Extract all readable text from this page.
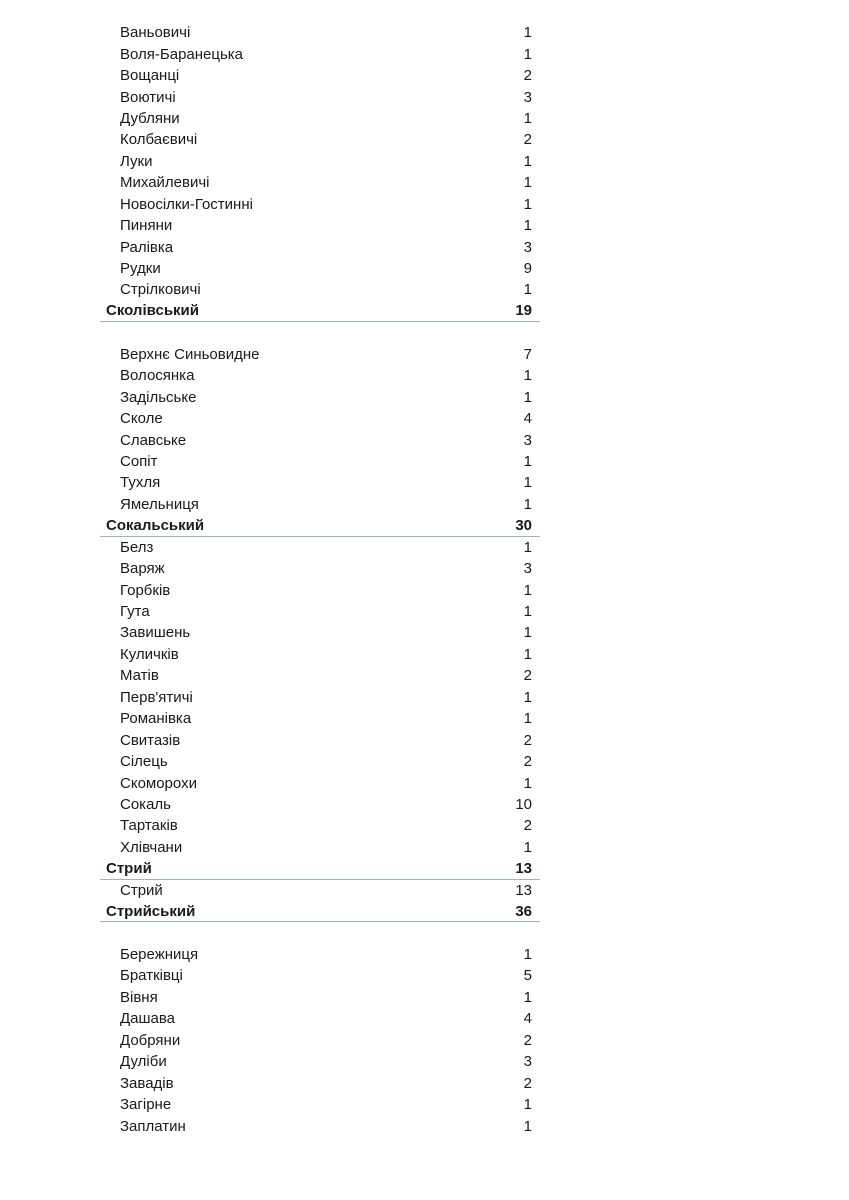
Ваньовичі	1
Воля-Баранецька	1
Вощанці	2
Воютичі	3
Дубляни	1
Колбаєвичі	2
Луки	1
Михайлевичі	1
Новосілки-Гостинні	1
Пиняни	1
Ралівка	3
Рудки	9
Стрілковичі	1
Сколівський	19
Верхнє Синьовидне	7
Волосянка	1
Задільське	1
Сколе	4
Славське	3
Сопіт	1
Тухля	1
Ямельниця	1
Сокальський	30
Белз	1
Варяж	3
Горбків	1
Гута	1
Завишень	1
Куличків	1
Матів	2
Перв'ятичі	1
Романівка	1
Свитазів	2
Сілець	2
Скоморохи	1
Сокаль	10
Тартаків	2
Хлівчани	1
Стрий	13
Стрий	13
Стрийський	36
Бережниця	1
Братківці	5
Вівня	1
Дашава	4
Добряни	2
Дуліби	3
Завадів	2
Загірне	1
Заплатин	1
